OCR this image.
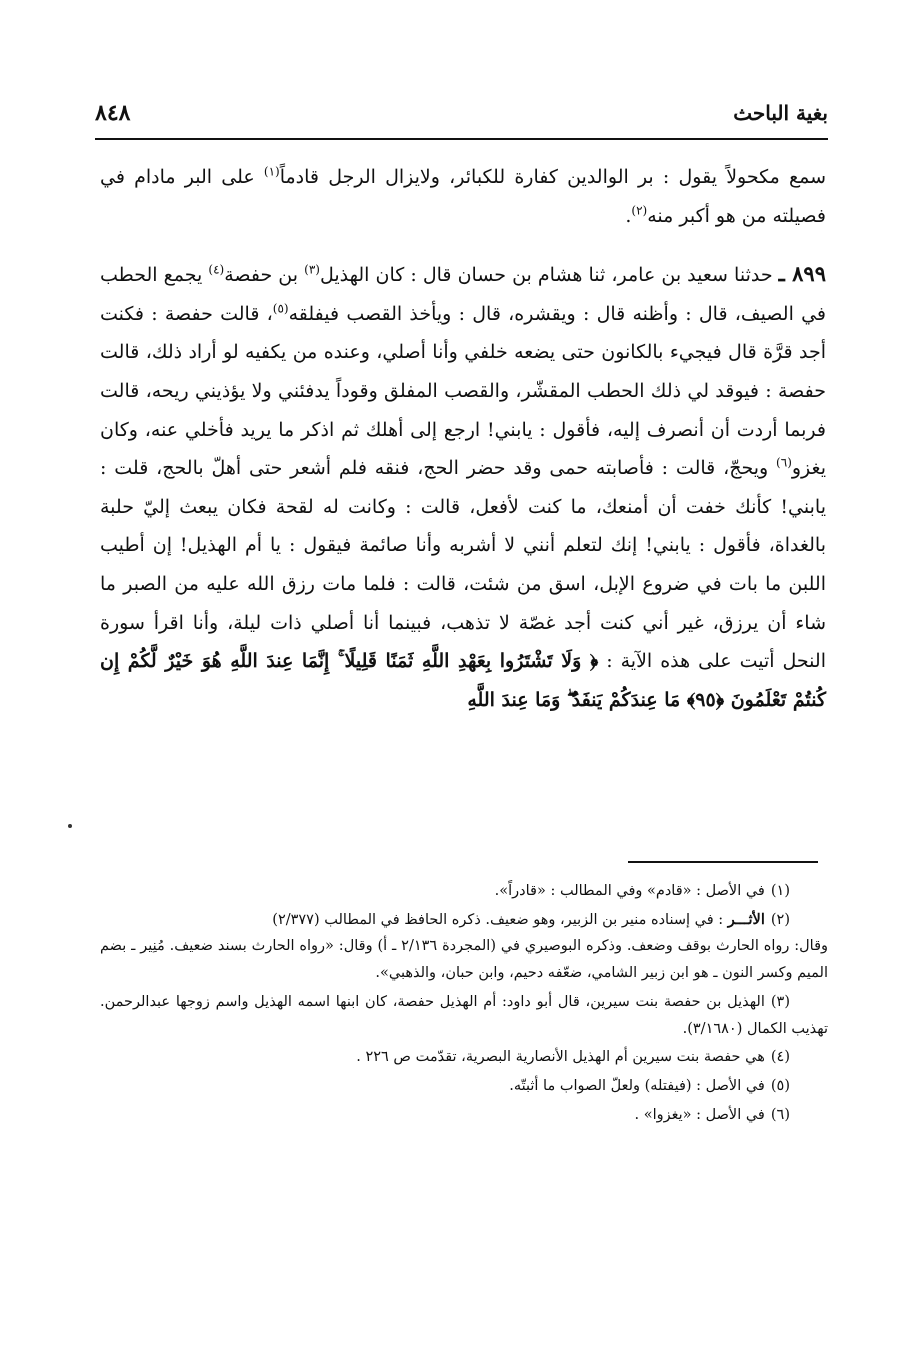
٨٤٨	بغية الباحث

سمع مكحولاً يقول : بر الوالدين كفارة للكبائر، ولايزال الرجل قادماً$^{(١)}$ على البر مادام في فصيلته من هو أكبر منه$^{(٢)}$.

٨٩٩ ـ حدثنا سعيد بن عامر، ثنا هشام بن حسان قال : كان الهذيل$^{(٣)}$ بن حفصة$^{(٤)}$ يجمع الحطب في الصيف، قال : وأظنه قال : ويقشره، قال : ويأخذ القصب فيفلقه$^{(٥)}$، قالت حفصة : فكنت أجد قرَّة قال فيجيء بالكانون حتى يضعه خلفي وأنا أصلي، وعنده من يكفيه لو أراد ذلك، قالت حفصة : فيوقد لي ذلك الحطب المقشّر، والقصب المفلق وقوداً يدفئني ولا يؤذيني ريحه، قالت فربما أردت أن أنصرف إليه، فأقول : يابني! ارجع إلى أهلك ثم اذكر ما يريد فأخلي عنه، وكان يغزو$^{(٦)}$ ويحجّ، قالت : فأصابته حمى وقد حضر الحج، فنقه فلم أشعر حتى أهلّ بالحج، قلت : يابني! كأنك خفت أن أمنعك، ما كنت لأفعل، قالت : وكانت له لقحة فكان يبعث إليّ حلبة بالغداة، فأقول : يابني! إنك لتعلم أنني لا أشربه وأنا صائمة فيقول : يا أم الهذيل! إن أطيب اللبن ما بات في ضروع الإبل، اسق من شئت، قالت : فلما مات رزق الله عليه من الصبر ما شاء أن يرزق، غير أني كنت أجد غصّة لا تذهب، فبينما أنا أصلي ذات ليلة، وأنا اقرأ سورة النحل أتيت على هذه الآية : ﴿ وَلَا تَشْتَرُوا بِعَهْدِ اللَّهِ ثَمَنًا قَلِيلًا ۚ إِنَّمَا عِندَ اللَّهِ هُوَ خَيْرٌ لَّكُمْ إِن كُنتُمْ تَعْلَمُونَ ﴿٩٥﴾ مَا عِندَكُمْ يَنفَدُ ۖ وَمَا عِندَ اللَّهِ

(١)في الأصل : «قادم» وفي المطالب : «قادراً».

(٢)الأثـــر : في إسناده منير بن الزبير، وهو ضعيف. ذكره الحافظ في المطالب (٢/٣٧٧)
وقال: رواه الحارث بوقف وضعف. وذكره البوصيري في (المجردة ٢/١٣٦ ـ أ) وقال: «رواه الحارث بسند ضعيف. مُنِير ـ بضم الميم وكسر النون ـ هو ابن زبير الشامي، ضعّفه دحيم، وابن حبان، والذهبي».

(٣)الهذيل بن حفصة بنت سيرين، قال أبو داود: أم الهذيل حفصة، كان ابنها اسمه الهذيل واسم زوجها عبدالرحمن. تهذيب الكمال (٣/١٦٨٠).

(٤)هي حفصة بنت سيرين أم الهذيل الأنصارية البصرية، تقدّمت ص ٢٢٦ .

(٥)في الأصل : (فيفتله) ولعلّ الصواب ما أثبتّه.

(٦)في الأصل : «يغزوا» .
